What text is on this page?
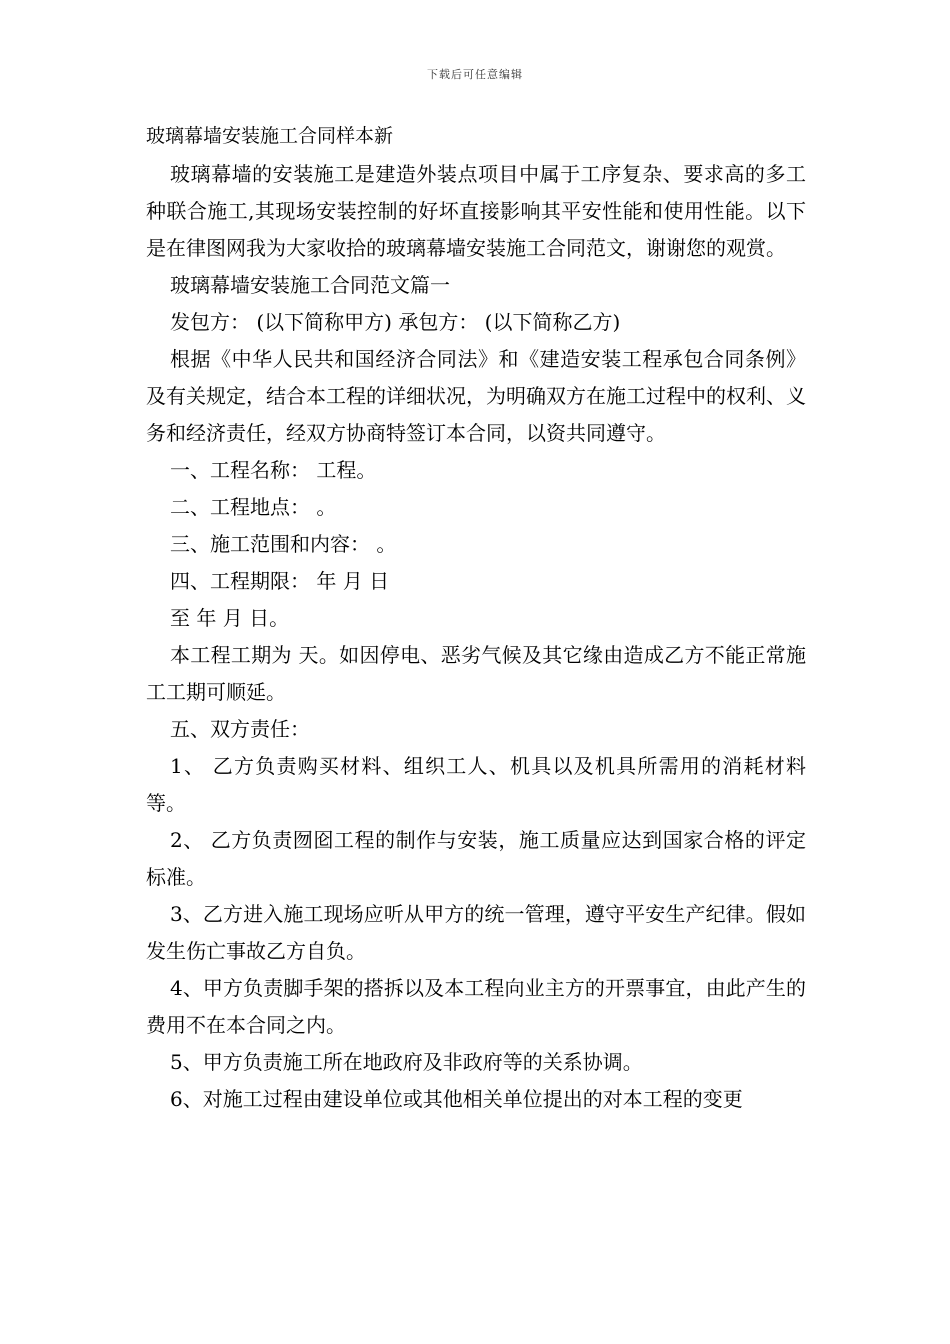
下载后可任意编辑
玻璃幕墙安装施工合同样本新

玻璃幕墙的安装施工是建造外装点项目中属于工序复杂、要求高的多工种联合施工,其现场安装控制的好坏直接影响其平安性能和使用性能。以下是在律图网我为大家收拾的玻璃幕墙安装施工合同范文，谢谢您的观赏。

玻璃幕墙安装施工合同范文篇一

发包方： (以下简称甲方) 承包方： (以下简称乙方)

根据《中华人民共和国经济合同法》和《建造安装工程承包合同条例》及有关规定，结合本工程的详细状况，为明确双方在施工过程中的权利、义务和经济责任，经双方协商特签订本合同，以资共同遵守。

一、工程名称： 工程。

二、工程地点： 。

三、施工范围和内容： 。

四、工程期限： 年 月 日

至 年 月 日。

本工程工期为 天。如因停电、恶劣气候及其它缘由造成乙方不能正常施工工期可顺延。

五、双方责任：

1、 乙方负责购买材料、组织工人、机具以及机具所需用的消耗材料等。

2、 乙方负责囫囵工程的制作与安装，施工质量应达到国家合格的评定标准。

3、乙方进入施工现场应听从甲方的统一管理，遵守平安生产纪律。假如发生伤亡事故乙方自负。

4、甲方负责脚手架的搭拆以及本工程向业主方的开票事宜，由此产生的费用不在本合同之内。

5、甲方负责施工所在地政府及非政府等的关系协调。

6、对施工过程由建设单位或其他相关单位提出的对本工程的变更
